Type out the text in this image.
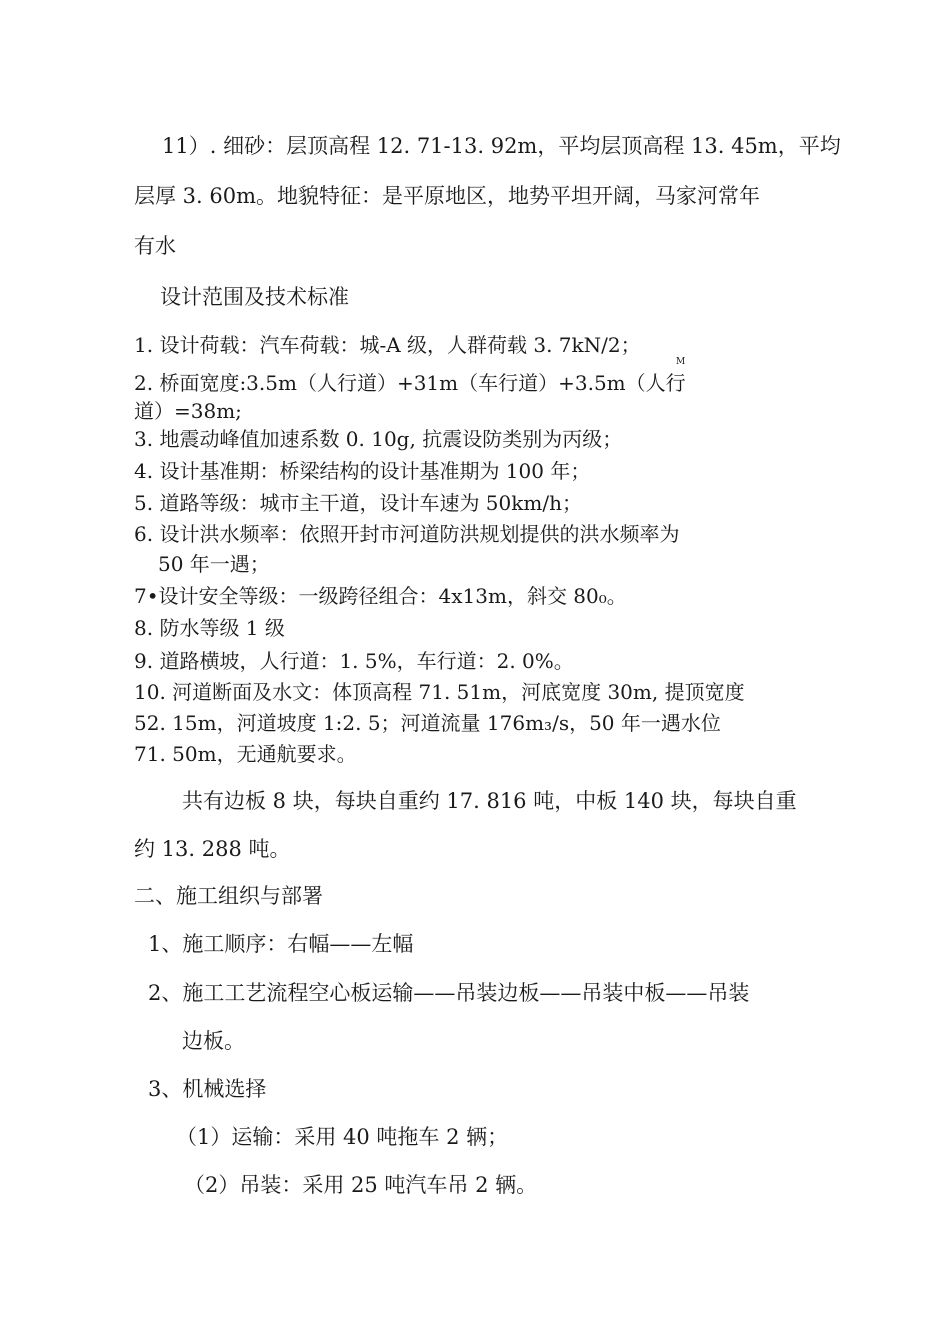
11）. 细砂：层顶高程 12. 71-13. 92m，平均层顶高程 13. 45m，平均
层厚 3. 60m。地貌特征：是平原地区，地势平坦开阔，马家河常年
有水
设计范围及技术标准
1. 设计荷载：汽车荷载：城-A 级，人群荷载 3. 7kN/2；
M
2. 桥面宽度:3.5m（人行道）+31m（车行道）+3.5m（人行
道）=38m;
3. 地震动峰值加速系数 0. 10g, 抗震设防类别为丙级；
4. 设计基准期：桥梁结构的设计基准期为 100 年；
5. 道路等级：城市主干道，设计车速为 50km/h；
6. 设计洪水频率：依照开封市河道防洪规划提供的洪水频率为
50 年一遇；
7•设计安全等级：一级跨径组合：4x13m，斜交 80₀。
8. 防水等级 1 级
9. 道路横坡，人行道：1. 5%，车行道：2. 0%。
10. 河道断面及水文：体顶高程 71. 51m，河底宽度 30m, 提顶宽度
52. 15m，河道坡度 1:2. 5；河道流量 176m₃/s，50 年一遇水位
71. 50m，无通航要求。
共有边板 8 块，每块自重约 17. 816 吨，中板 140 块，每块自重
约 13. 288 吨。
二、施工组织与部署
1、施工顺序：右幅——左幅
2、施工工艺流程空心板运输——吊装边板——吊装中板——吊装
边板。
3、机械选择
（1）运输：采用 40 吨拖车 2 辆；
（2）吊装：采用 25 吨汽车吊 2 辆。
